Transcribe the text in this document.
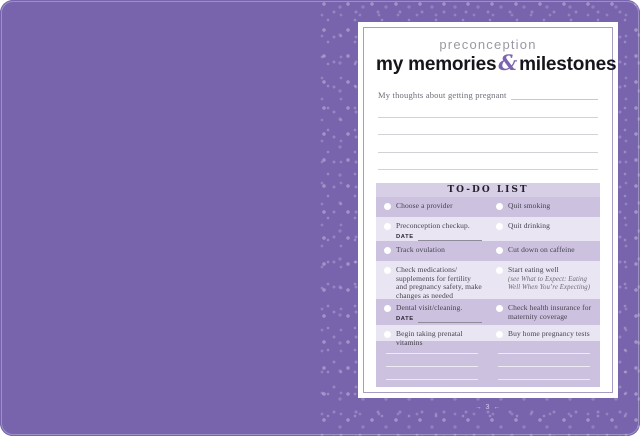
preconception
my memories& milestones
My thoughts about getting pregnant
TO-DO LIST
Choose a provider	Quit smoking
Preconception checkup.
DATE
Quit drinking
Track ovulation	Cut down on caffeine
Check medications/ supplements for fertility and pregnancy safety, make changes as needed
Start eating well
(see What to Expect: Eating Well When You’re Expecting)
Dental visit/cleaning.
DATE
Check health insurance for maternity coverage
Begin taking prenatal vitamins
Buy home pregnancy tests
→ 3 ←
